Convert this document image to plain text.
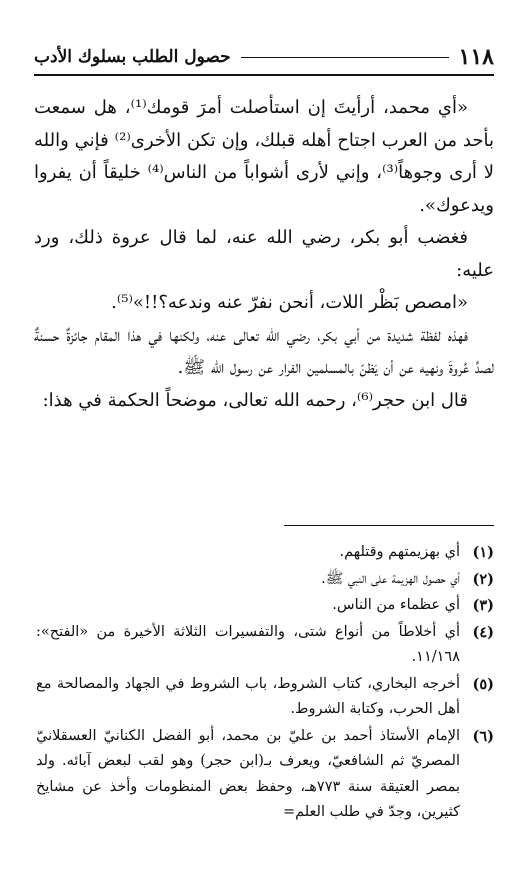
١١٨
حصول الطلب بسلوك الأدب

«أي محمد، أرأيتَ إن استأصلت أمرَ قومك⁽¹⁾، هل سمعت بأحد من العرب اجتاح أهله قبلك، وإن تكن الأخرى⁽²⁾ فإني والله لا أرى وجوهاً⁽³⁾، وإني لأرى أشواباً من الناس⁽⁴⁾ خليقاً أن يفروا ويدعوك».

فغضب أبو بكر، رضي الله عنه، لما قال عروة ذلك، ورد عليه:

«امصص بَظْر اللات، أنحن نفرّ عنه وندعه؟!!»⁽⁵⁾.

فهذه لفظة شديدة من أبي بكر، رضي الله تعالى عنه، ولكنها في هذا المقام جائزةٌ حسنةٌ لصدِّ عُروةَ ونهيه عن أن يَظنّ بالمسلمين الفرار عن رسول الله ﷺ.

قال ابن حجر⁽⁶⁾، رحمه الله تعالى، موضحاً الحكمة في هذا:

(١)
أي بهزيمتهم وقتلهم.
(٢)
أي حصول الهزيمة على النبي ﷺ.
(٣)
أي عظماء من الناس.
(٤)
أي أخلاطاً من أنواع شتى، والتفسيرات الثلاثة الأخيرة من «الفتح»: ١١/١٦٨.
(٥)
أخرجه البخاري، كتاب الشروط، باب الشروط في الجهاد والمصالحة مع أهل الحرب، وكتابة الشروط.
(٦)
الإمام الأستاذ أحمد بن عليّ بن محمد، أبو الفضل الكنانيّ العسقلانيّ المصريّ ثم الشافعيّ، ويعرف بـ(ابن حجر) وهو لقب لبعض آبائه. ولد بمصر العتيقة سنة ٧٧٣هـ، وحفظ بعض المنظومات وأخذ عن مشايخ كثيرين، وجدّ في طلب العلم=
